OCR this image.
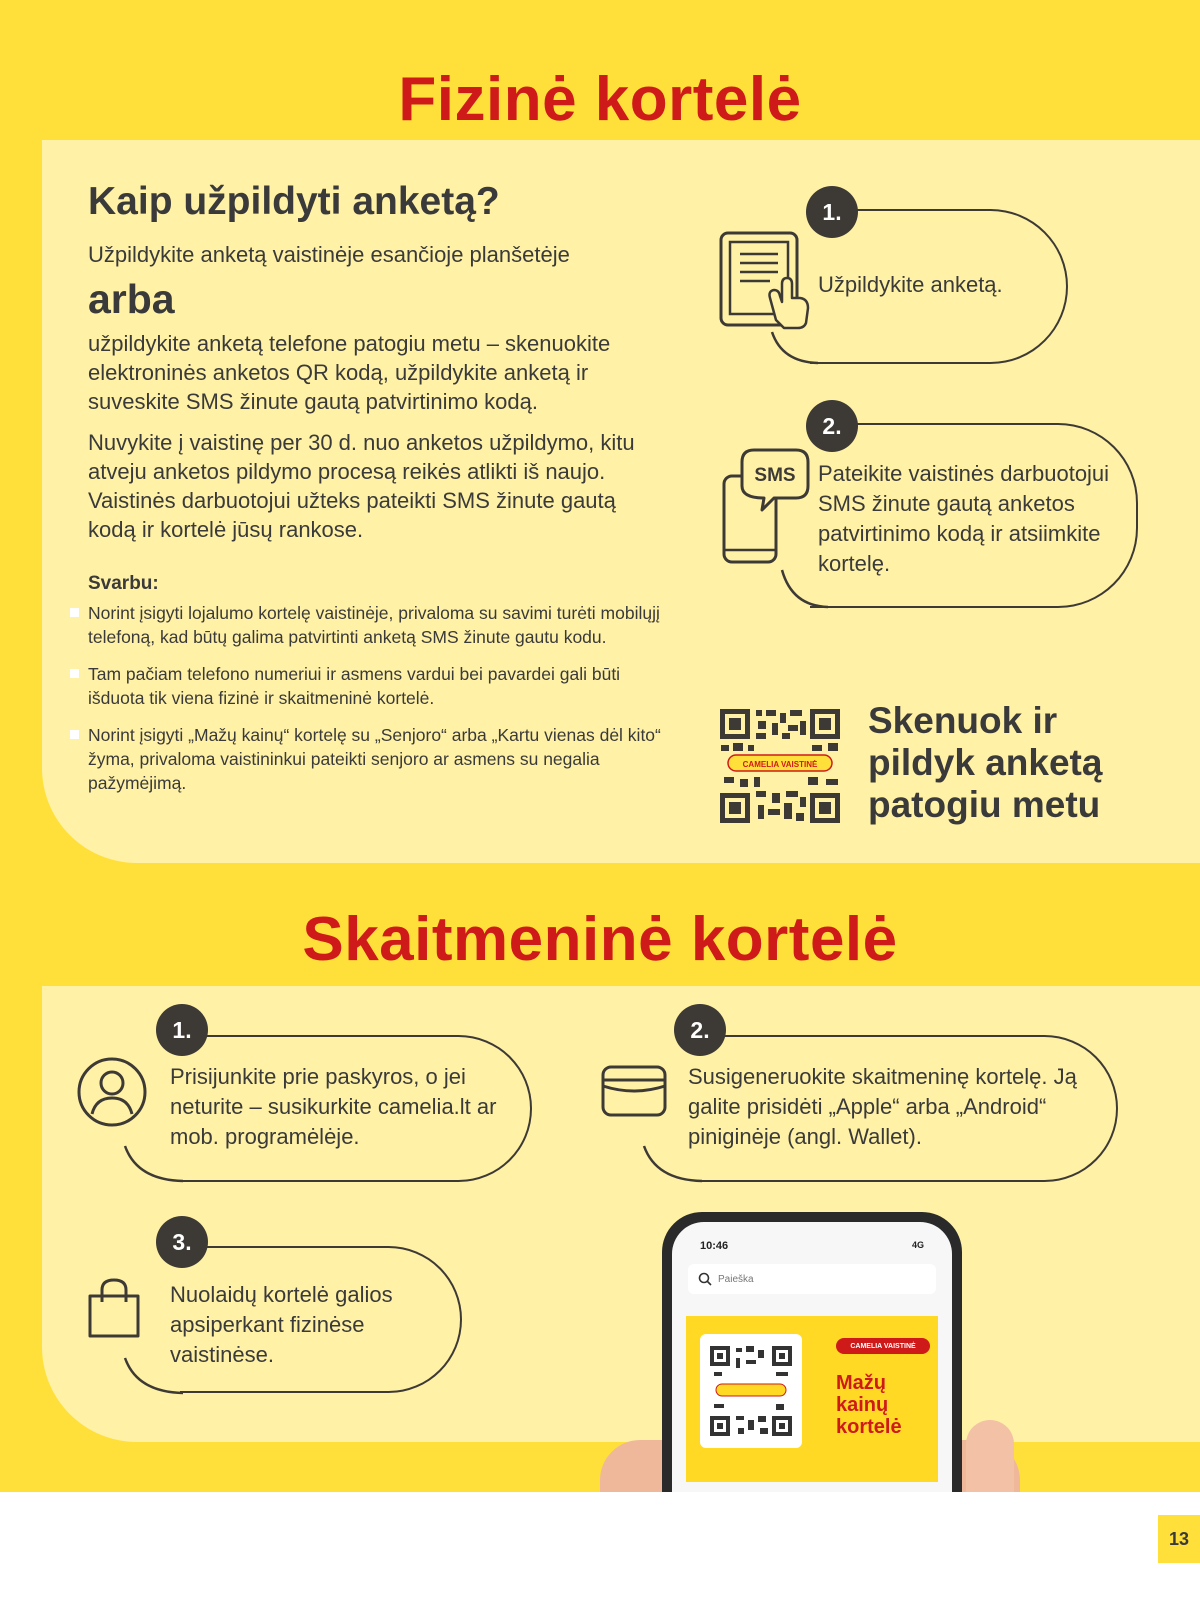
Fizinė kortelė
Kaip užpildyti anketą?
Užpildykite anketą vaistinėje esančioje planšetėje
arba
užpildykite anketą telefone patogiu metu – skenuokite elektroninės anketos QR kodą, užpildykite anketą ir suveskite SMS žinute gautą patvirtinimo kodą.
Nuvykite į vaistinę per 30 d. nuo anketos užpildymo, kitu atveju anketos pildymo procesą reikės atlikti iš naujo. Vaistinės darbuotojui užteks pateikti SMS žinute gautą kodą ir kortelė jūsų rankose.
Svarbu:
Norint įsigyti lojalumo kortelę vaistinėje, privaloma su savimi turėti mobilųjį telefoną, kad būtų galima patvirtinti anketą SMS žinute gautu kodu.
Tam pačiam telefono numeriui ir asmens vardui bei pavardei gali būti išduota tik viena fizinė ir skaitmeninė kortelė.
Norint įsigyti „Mažų kainų“ kortelę su „Senjoro“ arba „Kartu vienas dėl kito“ žyma, privaloma vaistininkui pateikti senjoro ar asmens su negalia pažymėjimą.
1.
Užpildykite anketą.
2.
SMS Pateikite vaistinės darbuotojui SMS žinute gautą anketos patvirtinimo kodą ir atsiimkite kortelę.
CAMELIA VAISTINĖ
Skenuok ir pildyk anketą patogiu metu
Skaitmeninė kortelė
1.
Prisijunkite prie paskyros, o jei neturite – susikurkite camelia.lt ar mob. programėlėje.
2.
Susigeneruokite skaitmeninę kortelę. Ją galite prisidėti „Apple“ arba „Android“ piniginėje (angl. Wallet).
3.
Nuolaidų kortelė galios apsiperkant fizinėse vaistinėse.
10:46	4G
Paieška
CAMELIA VAISTINĖ
Mažų kainų kortelė
13
